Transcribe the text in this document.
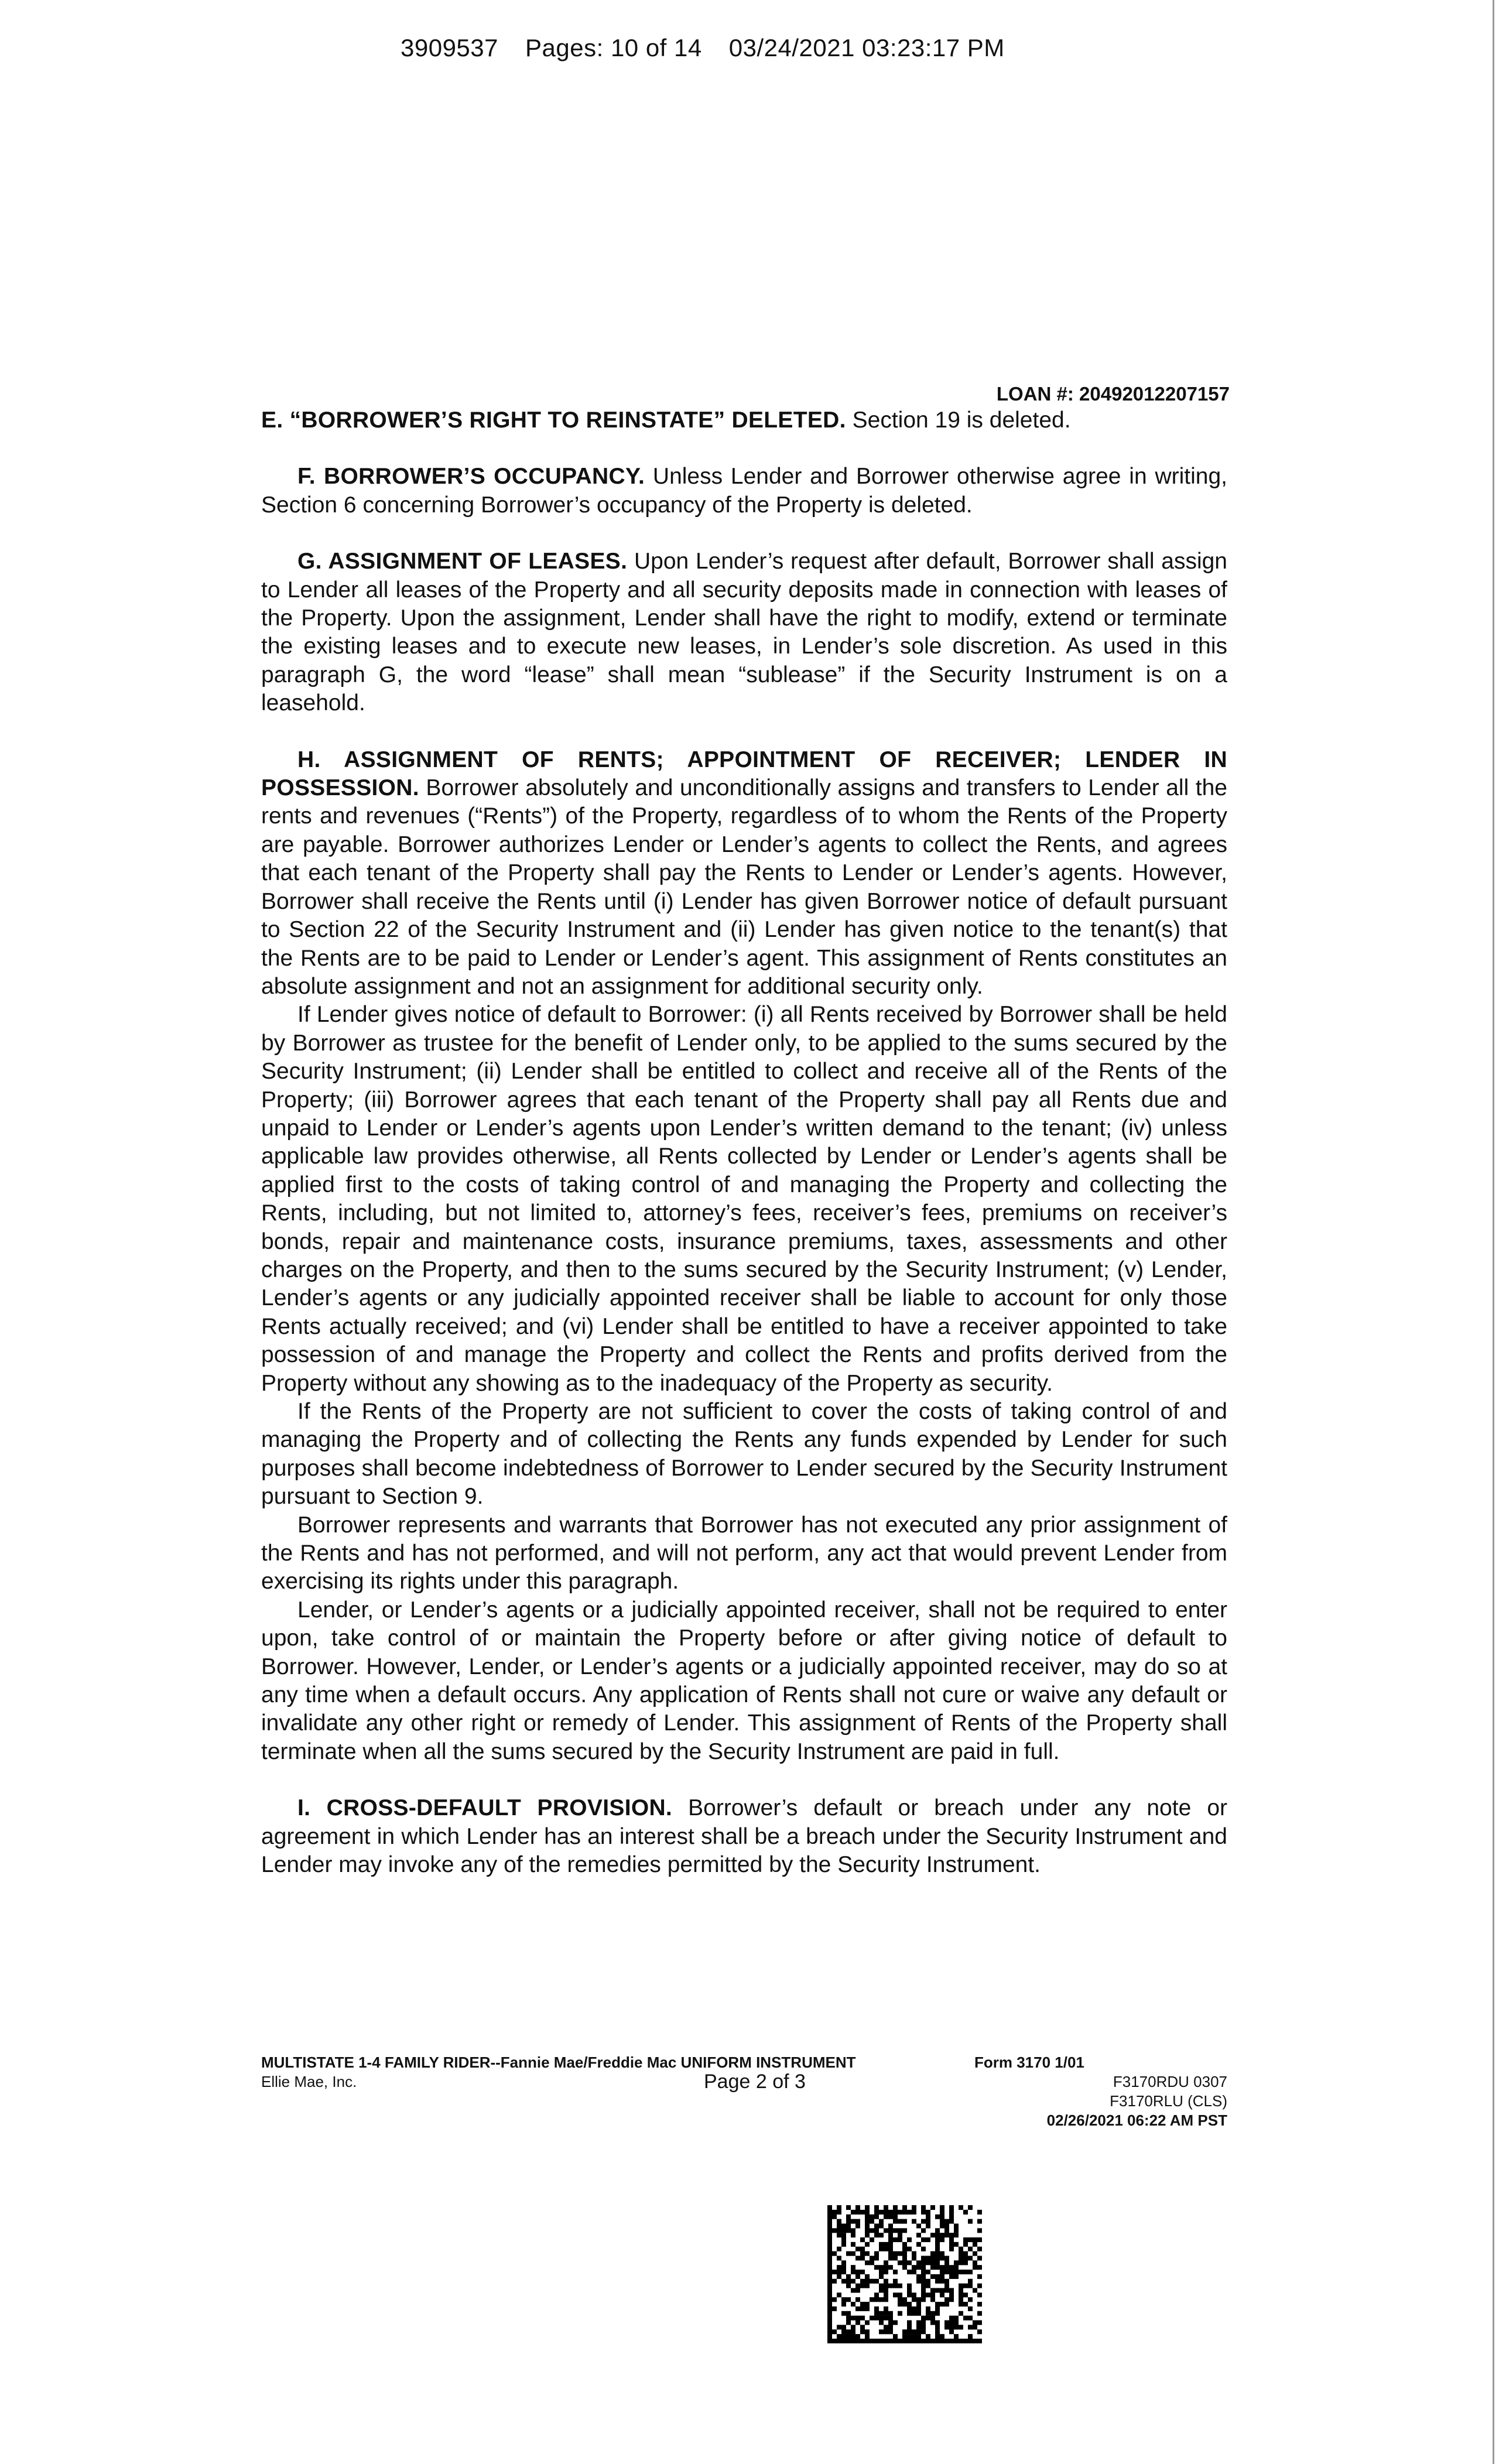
3909537 Pages: 10 of 14 03/24/2021 03:23:17 PM
LOAN #: 20492012207157

E. “BORROWER’S RIGHT TO REINSTATE” DELETED. Section 19 is deleted.

F. BORROWER’S OCCUPANCY. Unless Lender and Borrower otherwise agree in writing, Section 6 concerning Borrower’s occupancy of the Property is deleted.

G. ASSIGNMENT OF LEASES. Upon Lender’s request after default, Borrower shall assign to Lender all leases of the Property and all security deposits made in connection with leases of the Property. Upon the assignment, Lender shall have the right to modify, extend or terminate the existing leases and to execute new leases, in Lender’s sole discretion. As used in this paragraph G, the word “lease” shall mean “sublease” if the Security Instrument is on a leasehold.

H. ASSIGNMENT OF RENTS; APPOINTMENT OF RECEIVER; LENDER IN POSSESSION. Borrower absolutely and unconditionally assigns and transfers to Lender all the rents and revenues (“Rents”) of the Property, regardless of to whom the Rents of the Property are payable. Borrower authorizes Lender or Lender’s agents to collect the Rents, and agrees that each tenant of the Property shall pay the Rents to Lender or Lender’s agents. However, Borrower shall receive the Rents until (i) Lender has given Borrower notice of default pursuant to Section 22 of the Security Instrument and (ii) Lender has given notice to the tenant(s) that the Rents are to be paid to Lender or Lender’s agent. This assignment of Rents constitutes an absolute assignment and not an assignment for additional security only.

If Lender gives notice of default to Borrower: (i) all Rents received by Borrower shall be held by Borrower as trustee for the benefit of Lender only, to be applied to the sums secured by the Security Instrument; (ii) Lender shall be entitled to collect and receive all of the Rents of the Property; (iii) Borrower agrees that each tenant of the Property shall pay all Rents due and unpaid to Lender or Lender’s agents upon Lender’s written demand to the tenant; (iv) unless applicable law provides otherwise, all Rents collected by Lender or Lender’s agents shall be applied first to the costs of taking control of and managing the Property and collecting the Rents, including, but not limited to, attorney’s fees, receiver’s fees, premiums on receiver’s bonds, repair and maintenance costs, insurance premiums, taxes, assessments and other charges on the Property, and then to the sums secured by the Security Instrument; (v) Lender, Lender’s agents or any judicially appointed receiver shall be liable to account for only those Rents actually received; and (vi) Lender shall be entitled to have a receiver appointed to take possession of and manage the Property and collect the Rents and profits derived from the Property without any showing as to the inadequacy of the Property as security.

If the Rents of the Property are not sufficient to cover the costs of taking control of and managing the Property and of collecting the Rents any funds expended by Lender for such purposes shall become indebtedness of Borrower to Lender secured by the Security Instrument pursuant to Section 9.

Borrower represents and warrants that Borrower has not executed any prior assignment of the Rents and has not performed, and will not perform, any act that would prevent Lender from exercising its rights under this paragraph.

Lender, or Lender’s agents or a judicially appointed receiver, shall not be required to enter upon, take control of or maintain the Property before or after giving notice of default to Borrower. However, Lender, or Lender’s agents or a judicially appointed receiver, may do so at any time when a default occurs. Any application of Rents shall not cure or waive any default or invalidate any other right or remedy of Lender. This assignment of Rents of the Property shall terminate when all the sums secured by the Security Instrument are paid in full.

I. CROSS-DEFAULT PROVISION. Borrower’s default or breach under any note or agreement in which Lender has an interest shall be a breach under the Security Instrument and Lender may invoke any of the remedies permitted by the Security Instrument.

MULTISTATE 1-4 FAMILY RIDER--Fannie Mae/Freddie Mac UNIFORM INSTRUMENT	Form 3170 1/01
Ellie Mae, Inc.	Page 2 of 3	F3170RDU 0307
F3170RLU (CLS)
02/26/2021 06:22 AM PST
